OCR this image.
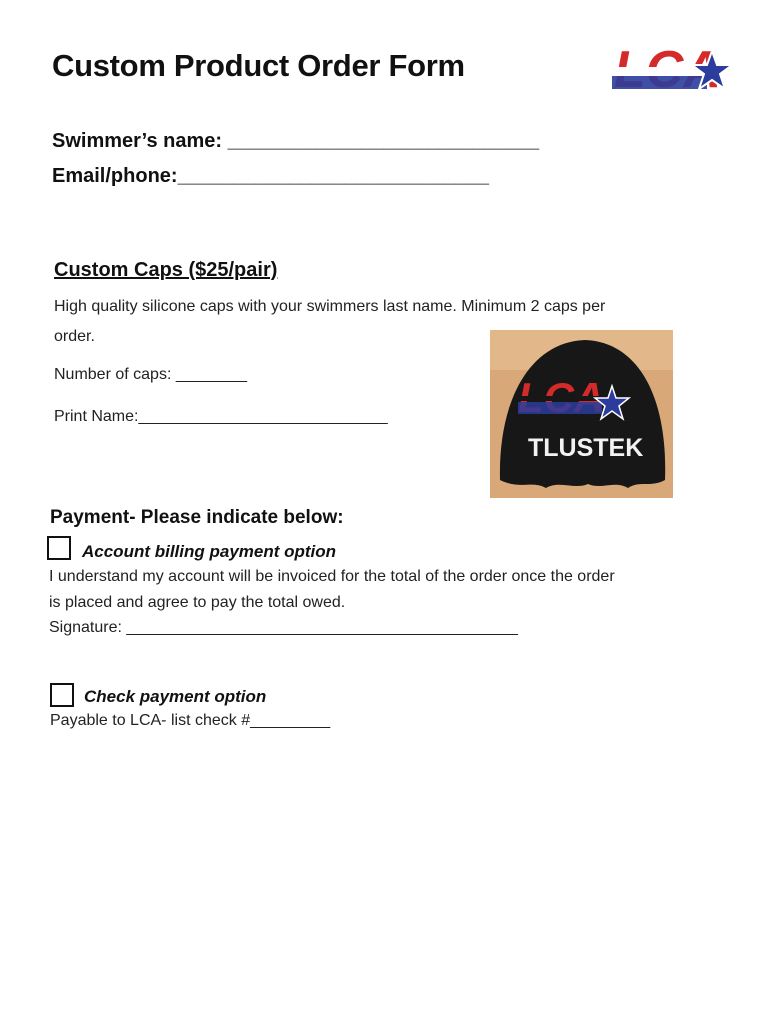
Custom Product Order Form
Swimmer’s name: ____________________________
Email/phone:____________________________
Custom Caps ($25/pair)
High quality silicone caps with your swimmers last name. Minimum 2 caps per
order.
Number of caps: ________
Print Name:____________________________
TLUSTEK
Payment- Please indicate below:
Account billing payment option
I understand my account will be invoiced for the total of the order once the order
is placed and agree to pay the total owed.
Signature: ____________________________________________
Check payment option
Payable to LCA- list check #_________
